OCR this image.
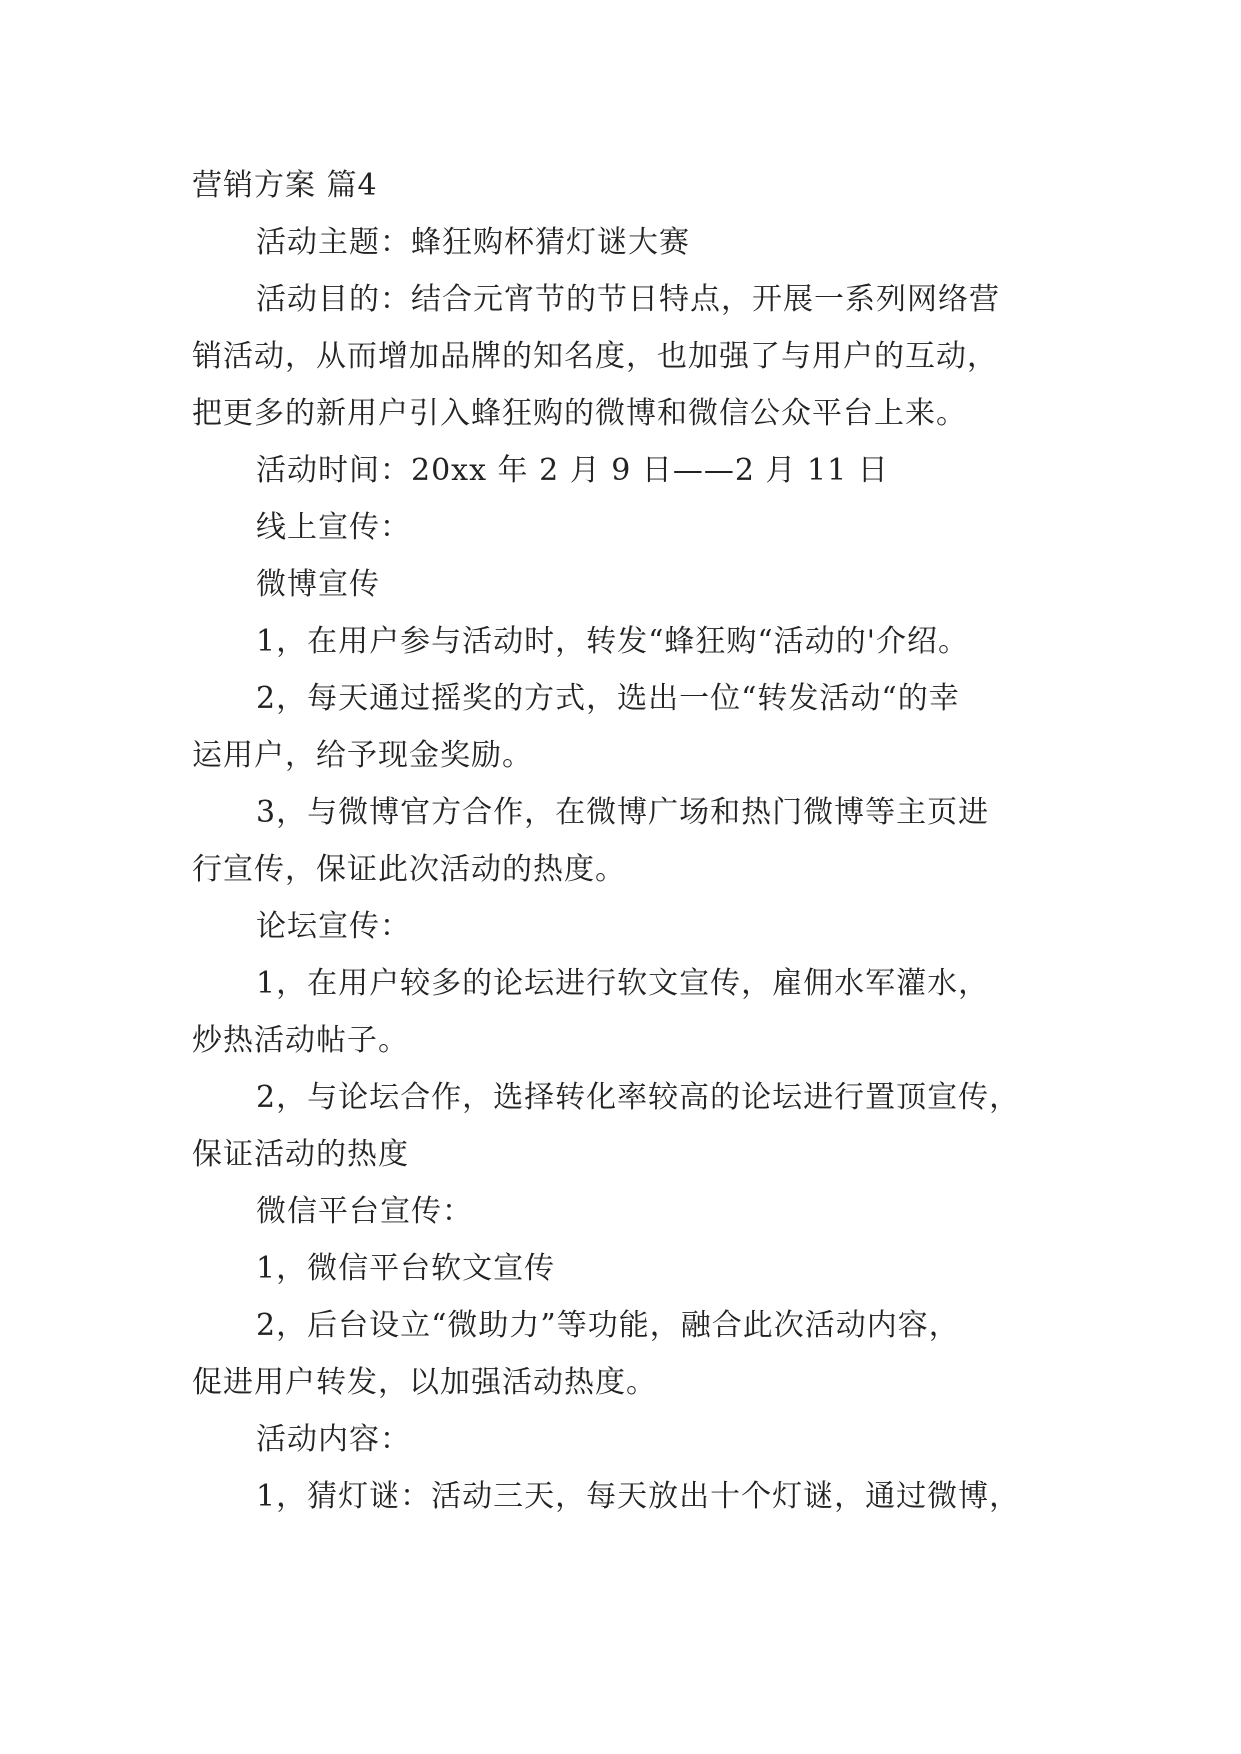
营销方案 篇4
活动主题：蜂狂购杯猜灯谜大赛
活动目的：结合元宵节的节日特点，开展一系列网络营
销活动，从而增加品牌的知名度，也加强了与用户的互动，
把更多的新用户引入蜂狂购的微博和微信公众平台上来。
活动时间：20xx 年 2 月 9 日——2 月 11 日
线上宣传：
微博宣传
1，在用户参与活动时，转发“蜂狂购“活动的'介绍。
2，每天通过摇奖的方式，选出一位“转发活动“的幸
运用户，给予现金奖励。
3，与微博官方合作，在微博广场和热门微博等主页进
行宣传，保证此次活动的热度。
论坛宣传：
1，在用户较多的论坛进行软文宣传，雇佣水军灌水，
炒热活动帖子。
2，与论坛合作，选择转化率较高的论坛进行置顶宣传，
保证活动的热度
微信平台宣传：
1，微信平台软文宣传
2，后台设立“微助力”等功能，融合此次活动内容，
促进用户转发，以加强活动热度。
活动内容：
1，猜灯谜：活动三天，每天放出十个灯谜，通过微博，
